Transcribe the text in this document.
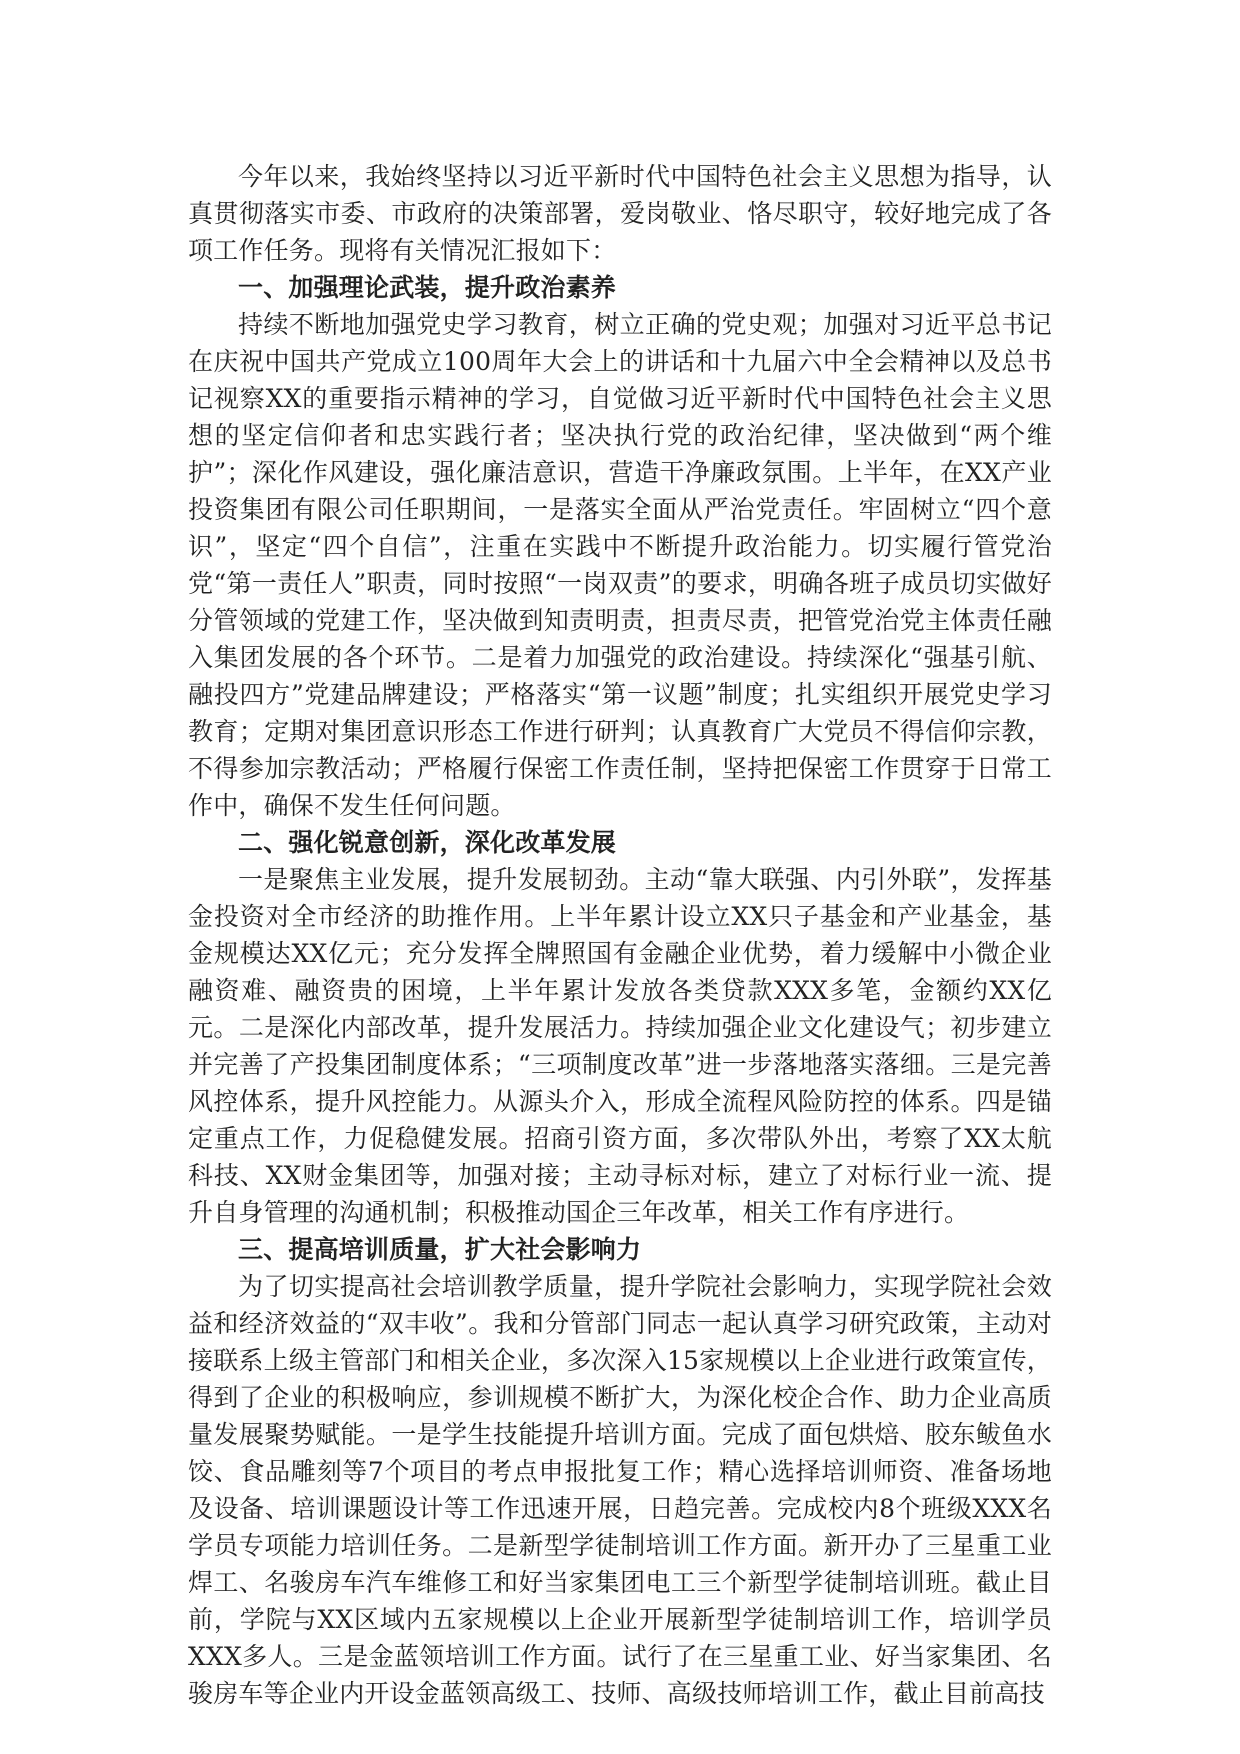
今年以来，我始终坚持以习近平新时代中国特色社会主义思想为指导，认真贯彻落实市委、市政府的决策部署，爱岗敬业、恪尽职守，较好地完成了各项工作任务。现将有关情况汇报如下：

一、加强理论武装，提升政治素养

持续不断地加强党史学习教育，树立正确的党史观；加强对习近平总书记在庆祝中国共产党成立100周年大会上的讲话和十九届六中全会精神以及总书记视察XX的重要指示精神的学习，自觉做习近平新时代中国特色社会主义思想的坚定信仰者和忠实践行者；坚决执行党的政治纪律，坚决做到“两个维护”；深化作风建设，强化廉洁意识，营造干净廉政氛围。上半年，在XX产业投资集团有限公司任职期间，一是落实全面从严治党责任。牢固树立“四个意识”，坚定“四个自信”，注重在实践中不断提升政治能力。切实履行管党治党“第一责任人”职责，同时按照“一岗双责”的要求，明确各班子成员切实做好分管领域的党建工作，坚决做到知责明责，担责尽责，把管党治党主体责任融入集团发展的各个环节。二是着力加强党的政治建设。持续深化“强基引航、融投四方”党建品牌建设；严格落实“第一议题”制度；扎实组织开展党史学习教育；定期对集团意识形态工作进行研判；认真教育广大党员不得信仰宗教，不得参加宗教活动；严格履行保密工作责任制，坚持把保密工作贯穿于日常工作中，确保不发生任何问题。

二、强化锐意创新，深化改革发展

一是聚焦主业发展，提升发展韧劲。主动“靠大联强、内引外联”，发挥基金投资对全市经济的助推作用。上半年累计设立XX只子基金和产业基金，基金规模达XX亿元；充分发挥全牌照国有金融企业优势，着力缓解中小微企业融资难、融资贵的困境，上半年累计发放各类贷款XXX多笔，金额约XX亿元。二是深化内部改革，提升发展活力。持续加强企业文化建设气；初步建立并完善了产投集团制度体系；“三项制度改革”进一步落地落实落细。三是完善风控体系，提升风控能力。从源头介入，形成全流程风险防控的体系。四是锚定重点工作，力促稳健发展。招商引资方面，多次带队外出，考察了XX太航科技、XX财金集团等，加强对接；主动寻标对标，建立了对标行业一流、提升自身管理的沟通机制；积极推动国企三年改革，相关工作有序进行。

三、提高培训质量，扩大社会影响力

为了切实提高社会培训教学质量，提升学院社会影响力，实现学院社会效益和经济效益的“双丰收”。我和分管部门同志一起认真学习研究政策，主动对接联系上级主管部门和相关企业，多次深入15家规模以上企业进行政策宣传，得到了企业的积极响应，参训规模不断扩大，为深化校企合作、助力企业高质量发展聚势赋能。一是学生技能提升培训方面。完成了面包烘焙、胶东鲅鱼水饺、食品雕刻等7个项目的考点申报批复工作；精心选择培训师资、准备场地及设备、培训课题设计等工作迅速开展，日趋完善。完成校内8个班级XXX名学员专项能力培训任务。二是新型学徒制培训工作方面。新开办了三星重工业焊工、名骏房车汽车维修工和好当家集团电工三个新型学徒制培训班。截止目前，学院与XX区域内五家规模以上企业开展新型学徒制培训工作，培训学员XXX多人。三是金蓝领培训工作方面。试行了在三星重工业、好当家集团、名骏房车等企业内开设金蓝领高级工、技师、高级技师培训工作，截止目前高技
